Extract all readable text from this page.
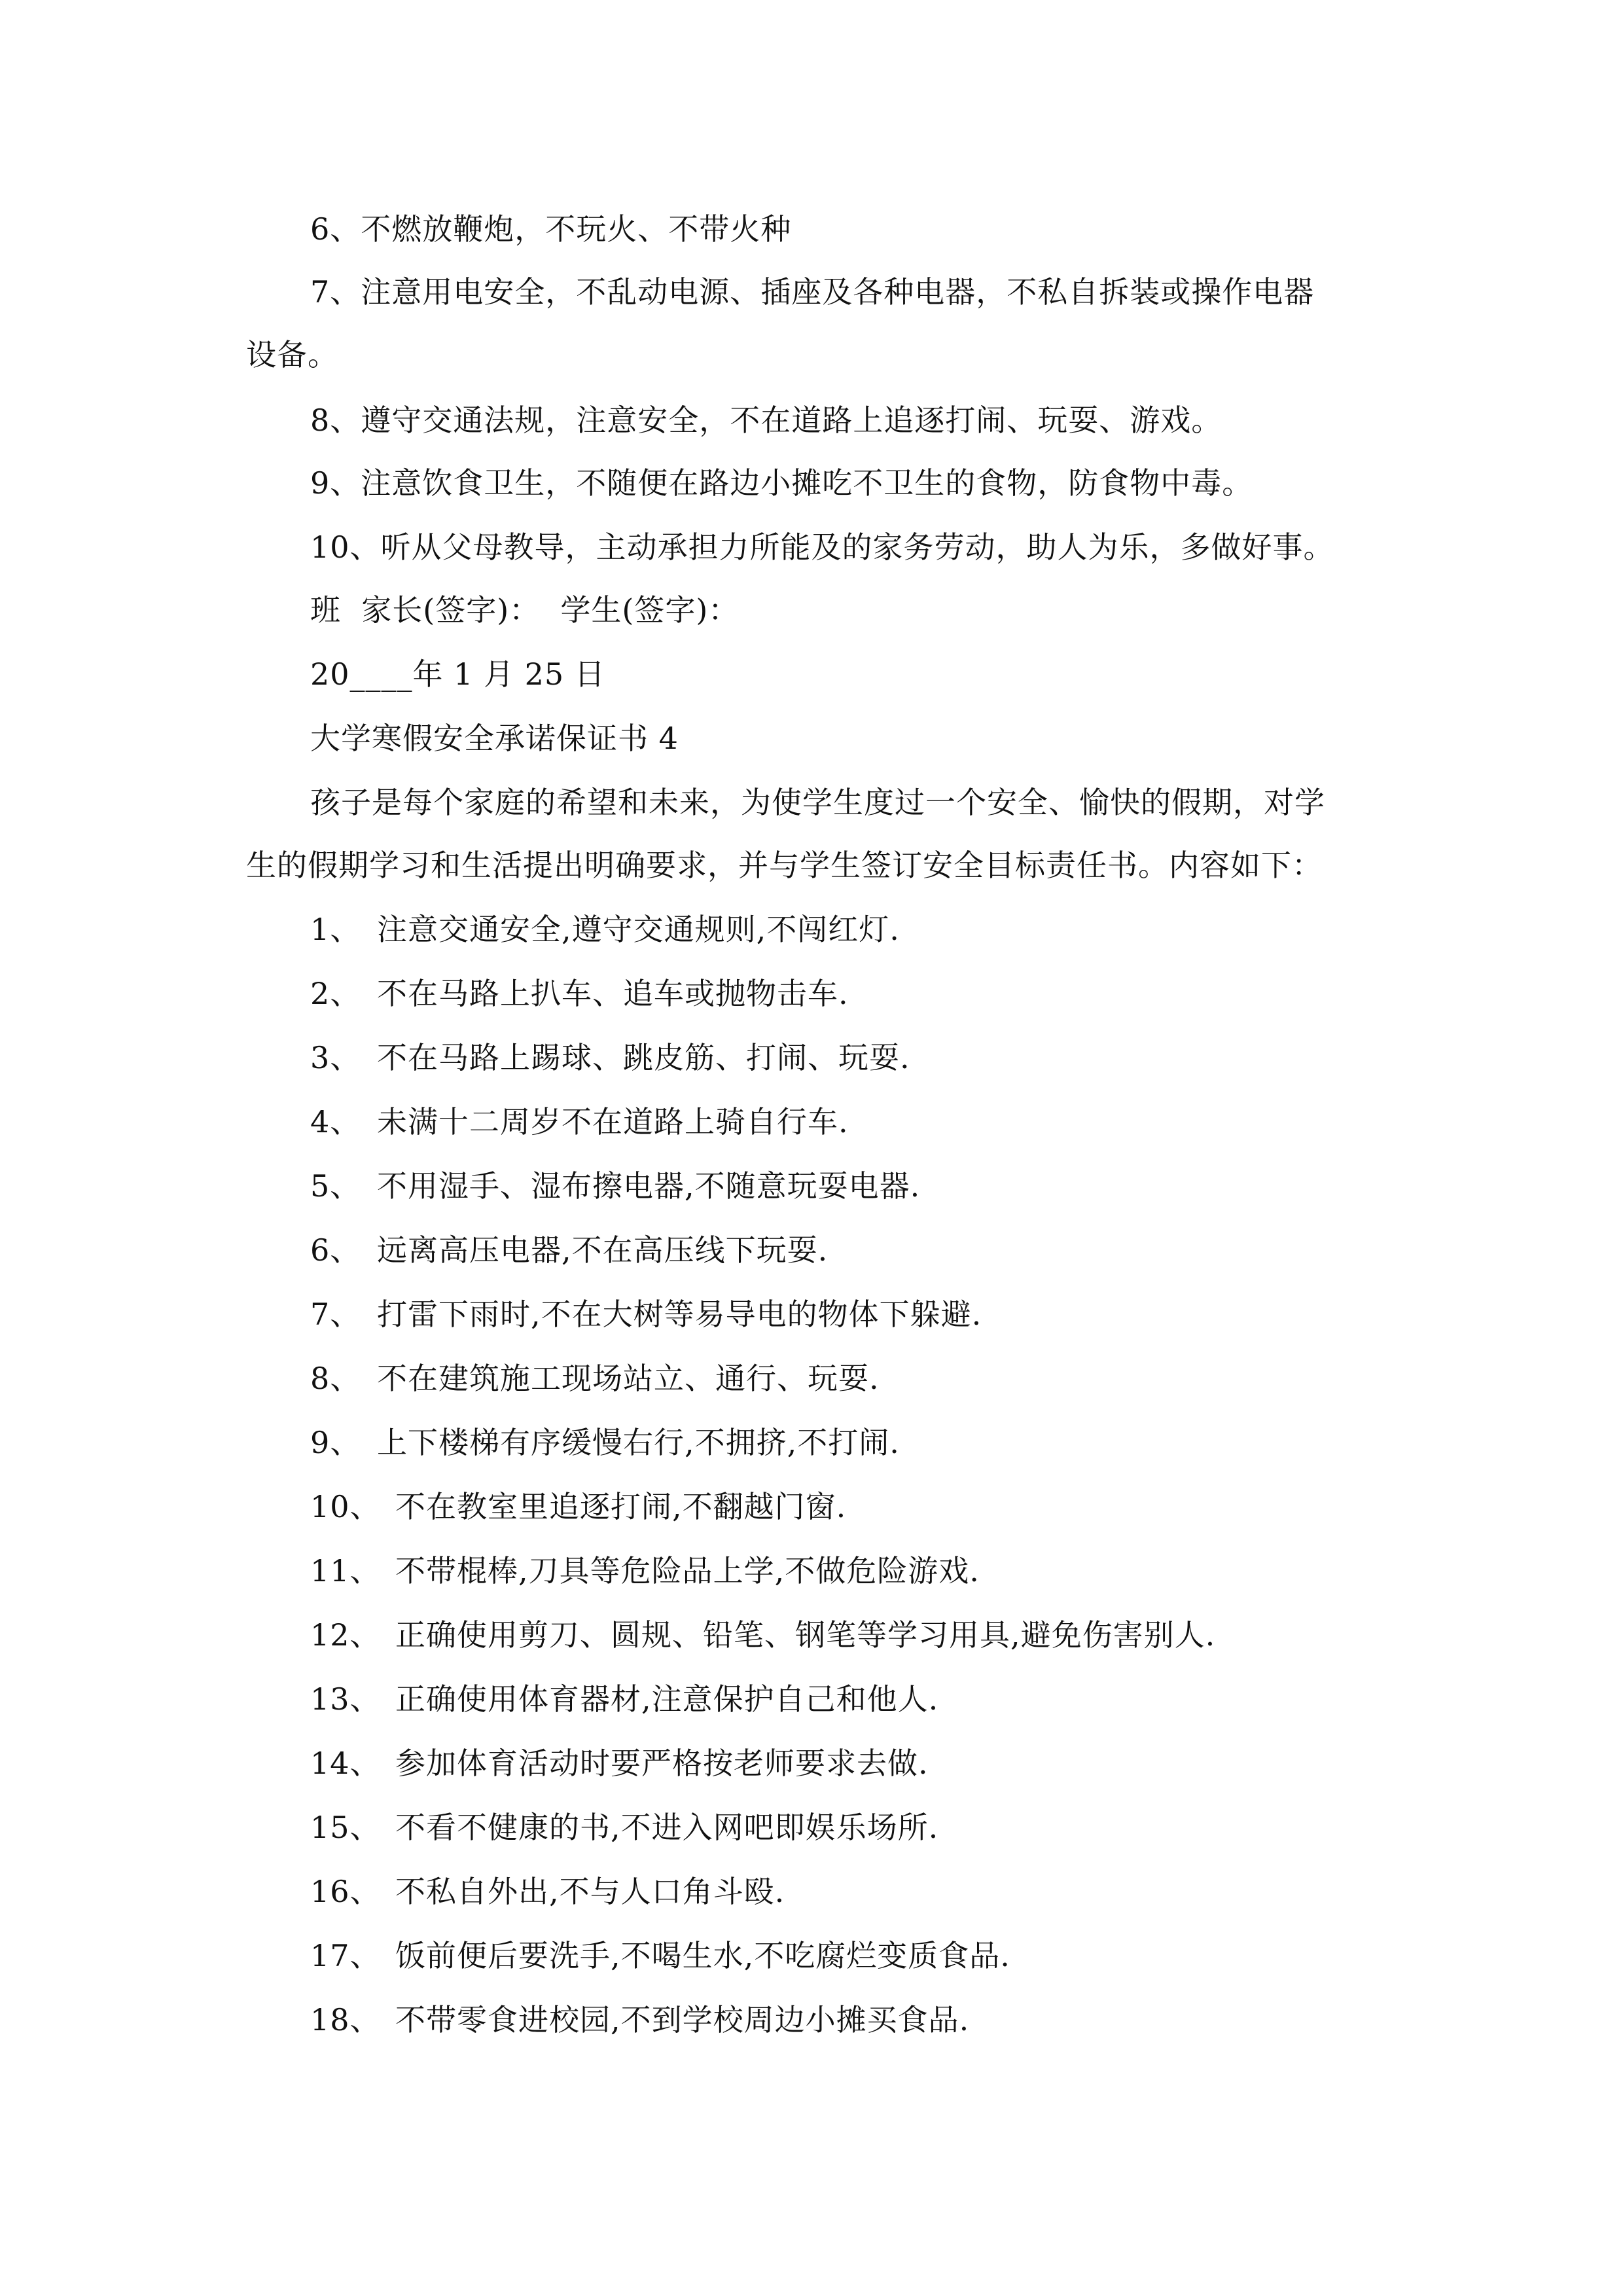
6、不燃放鞭炮，不玩火、不带火种
7、注意用电安全，不乱动电源、插座及各种电器，不私自拆装或操作电器
设备。
8、遵守交通法规，注意安全，不在道路上追逐打闹、玩耍、游戏。
9、注意饮食卫生，不随便在路边小摊吃不卫生的食物，防食物中毒。
10、听从父母教导，主动承担力所能及的家务劳动，助人为乐，多做好事。
班  家长(签字)：  学生(签字)：
20____年 1 月 25 日
大学寒假安全承诺保证书 4
孩子是每个家庭的希望和未来，为使学生度过一个安全、愉快的假期，对学
生的假期学习和生活提出明确要求，并与学生签订安全目标责任书。内容如下：
1、 注意交通安全,遵守交通规则,不闯红灯.
2、 不在马路上扒车、追车或抛物击车.
3、 不在马路上踢球、跳皮筋、打闹、玩耍.
4、 未满十二周岁不在道路上骑自行车.
5、 不用湿手、湿布擦电器,不随意玩耍电器.
6、 远离高压电器,不在高压线下玩耍.
7、 打雷下雨时,不在大树等易导电的物体下躲避.
8、 不在建筑施工现场站立、通行、玩耍.
9、 上下楼梯有序缓慢右行,不拥挤,不打闹.
10、 不在教室里追逐打闹,不翻越门窗.
11、 不带棍棒,刀具等危险品上学,不做危险游戏.
12、 正确使用剪刀、圆规、铅笔、钢笔等学习用具,避免伤害别人.
13、 正确使用体育器材,注意保护自己和他人.
14、 参加体育活动时要严格按老师要求去做.
15、 不看不健康的书,不进入网吧即娱乐场所.
16、 不私自外出,不与人口角斗殴.
17、 饭前便后要洗手,不喝生水,不吃腐烂变质食品.
18、 不带零食进校园,不到学校周边小摊买食品.
